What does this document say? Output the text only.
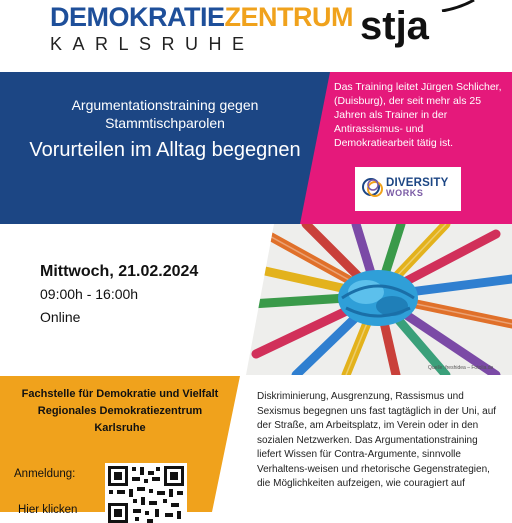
DEMOKRATIEZENTRUM
KARLSRUHE	stja
Argumentationstraining gegen Stammtischparolen
Vorurteilen im Alltag begegnen
Das Training leitet Jürgen Schlicher, (Duisburg), der seit mehr als 25 Jahren als Trainer in der Antirassismus- und Demokratiearbeit tätig ist.
DIVERSITY
WORKS
Mittwoch, 21.02.2024
09:00h - 16:00h
Online
Quelle: freshidea – Fotolia.de
Fachstelle für Demokratie und Vielfalt Regionales Demokratiezentrum Karlsruhe
Anmeldung:
Hier klicken
Diskriminierung, Ausgrenzung, Rassismus und Sexismus begegnen uns fast tagtäglich in der Uni, auf der Straße, am Arbeitsplatz, im Verein oder in den sozialen Netzwerken. Das Argumentationstraining liefert Wissen für Contra-Argumente, sinnvolle Verhaltens-weisen und rhetorische Gegenstrategien, die Möglichkeiten aufzeigen, wie couragiert auf
